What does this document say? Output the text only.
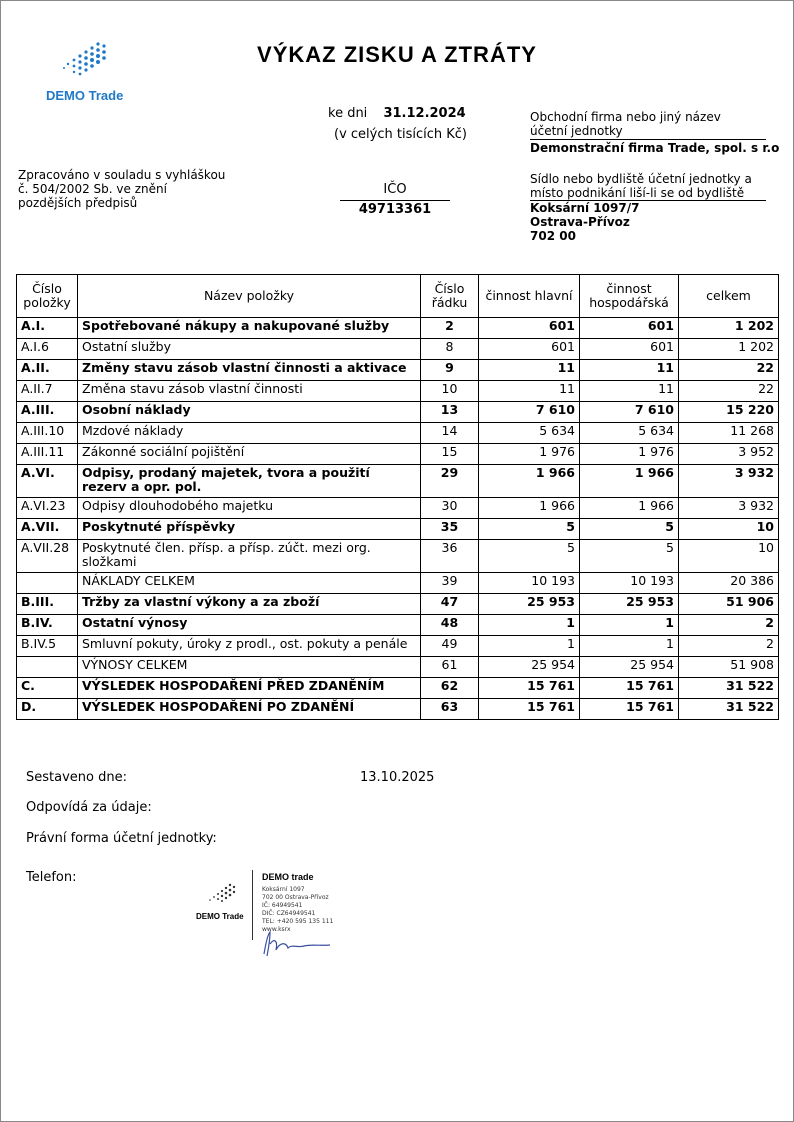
DEMO Trade
VÝKAZ ZISKU A ZTRÁTY
ke dni 31.12.2024
(v celých tisících Kč)
Zpracováno v souladu s vyhláškou
č. 504/2002 Sb. ve znění
pozdějších předpisů
IČO
49713361
Obchodní firma nebo jiný název
účetní jednotky
Demonstrační firma Trade, spol. s r.o
Sídlo nebo bydliště účetní jednotky a
místo podnikání liší-li se od bydliště
Koksární 1097/7
Ostrava-Přívoz
702 00
Číslo položky	Název položky	Číslo řádku	činnost hlavní	činnost hospodářská	celkem
A.I.	Spotřebované nákupy a nakupované služby	2	601	601	1 202
A.I.6	Ostatní služby	8	601	601	1 202
A.II.	Změny stavu zásob vlastní činnosti a aktivace	9	11	11	22
A.II.7	Změna stavu zásob vlastní činnosti	10	11	11	22
A.III.	Osobní náklady	13	7 610	7 610	15 220
A.III.10	Mzdové náklady	14	5 634	5 634	11 268
A.III.11	Zákonné sociální pojištění	15	1 976	1 976	3 952
A.VI.	Odpisy, prodaný majetek, tvora a použití rezerv a opr. pol.	29	1 966	1 966	3 932
A.VI.23	Odpisy dlouhodobého majetku	30	1 966	1 966	3 932
A.VII.	Poskytnuté příspěvky	35	5	5	10
A.VII.28	Poskytnuté člen. přísp. a přísp. zúčt. mezi org. složkami	36	5	5	10
	NÁKLADY CELKEM	39	10 193	10 193	20 386
B.III.	Tržby za vlastní výkony a za zboží	47	25 953	25 953	51 906
B.IV.	Ostatní výnosy	48	1	1	2
B.IV.5	Smluvní pokuty, úroky z prodl., ost. pokuty a penále	49	1	1	2
	VÝNOSY CELKEM	61	25 954	25 954	51 908
C.	VÝSLEDEK HOSPODAŘENÍ PŘED ZDANĚNÍM	62	15 761	15 761	31 522
D.	VÝSLEDEK HOSPODAŘENÍ PO ZDANĚNÍ	63	15 761	15 761	31 522
Sestaveno dne:	13.10.2025
Odpovídá za údaje:
Právní forma účetní jednotky:
Telefon:
DEMO Trade
DEMO trade
Koksární 1097
702 00 Ostrava-Přívoz
IČ: 64949541
DIČ: CZ64949541
TEL: +420 595 135 111
www.ksrx
